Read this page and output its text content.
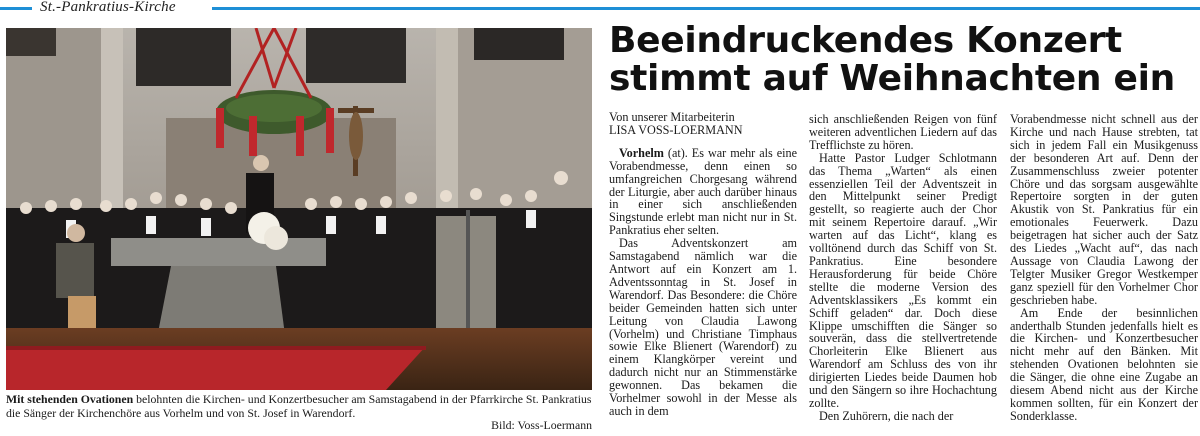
St.-Pankratius-Kirche
Mit stehenden Ovationen belohnten die Kirchen- und Konzertbesucher am Samstagabend in der Pfarrkirche St. Pankratius die Sänger der Kirchenchöre aus Vorhelm und von St. Josef in Warendorf.
Bild: Voss-Loermann
Beeindruckendes Konzert stimmt auf Weihnachten ein
Von unserer Mitarbeiterin
LISA VOSS-LOERMANN

Vorhelm (at). Es war mehr als eine Vorabendmesse, denn einen so umfangreichen Chorgesang während der Liturgie, aber auch darüber hinaus in einer sich anschließenden Singstunde erlebt man nicht nur in St. Pankratius eher selten.

Das Adventskonzert am Samstagabend nämlich war die Antwort auf ein Konzert am 1. Adventssonntag in St. Josef in Warendorf. Das Besondere: die Chöre beider Gemeinden hatten sich unter Leitung von Claudia Lawong (Vorhelm) und Christiane Timphaus sowie Elke Blienert (Warendorf) zu einem Klangkörper vereint und dadurch nicht nur an Stimmenstärke gewonnen. Das bekamen die Vorhelmer sowohl in der Messe als auch in dem

sich anschließenden Reigen von fünf weiteren adventlichen Liedern auf das Trefflichste zu hören.

Hatte Pastor Ludger Schlotmann das Thema „Warten“ als einen essenziellen Teil der Adventszeit in den Mittelpunkt seiner Predigt gestellt, so reagierte auch der Chor mit seinem Repertoire darauf. „Wir warten auf das Licht“, klang es volltönend durch das Schiff von St. Pankratius. Eine besondere Herausforderung für beide Chöre stellte die moderne Version des Adventsklassikers „Es kommt ein Schiff geladen“ dar. Doch diese Klippe umschifften die Sänger so souverän, dass die stellvertretende Chorleiterin Elke Blienert aus Warendorf am Schluss des von ihr dirigierten Liedes beide Daumen hob und den Sängern so ihre Hochachtung zollte.

Den Zuhörern, die nach der

Vorabendmesse nicht schnell aus der Kirche und nach Hause strebten, tat sich in jedem Fall ein Musikgenuss der besonderen Art auf. Denn der Zusammenschluss zweier potenter Chöre und das sorgsam ausgewählte Repertoire sorgten in der guten Akustik von St. Pankratius für ein emotionales Feuerwerk. Dazu beigetragen hat sicher auch der Satz des Liedes „Wacht auf“, das nach Aussage von Claudia Lawong der Telgter Musiker Gregor Westkemper ganz speziell für den Vorhelmer Chor geschrieben habe.

Am Ende der besinnlichen anderthalb Stunden jedenfalls hielt es die Kirchen- und Konzertbesucher nicht mehr auf den Bänken. Mit stehenden Ovationen belohnten sie die Sänger, die ohne eine Zugabe an diesem Abend nicht aus der Kirche kommen sollten, für ein Konzert der Sonderklasse.
